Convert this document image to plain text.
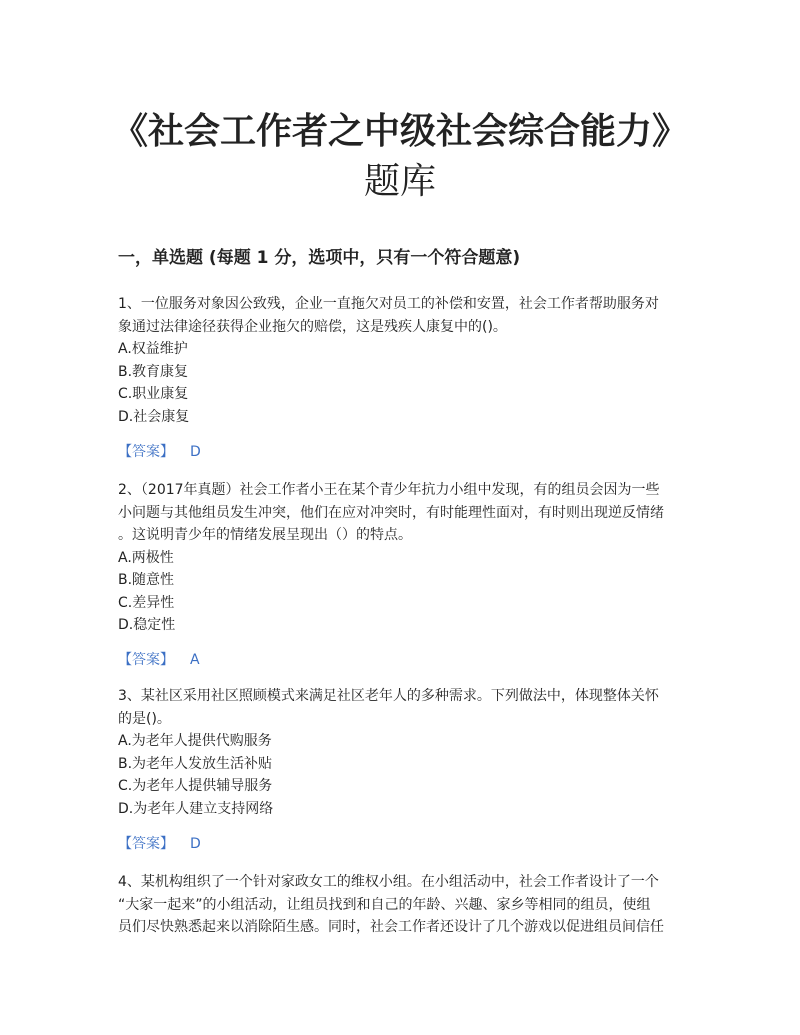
《社会工作者之中级社会综合能力》
题库
一，单选题 (每题 1 分，选项中，只有一个符合题意)

1、一位服务对象因公致残，企业一直拖欠对员工的补偿和安置，社会工作者帮助服务对

象通过法律途径获得企业拖欠的赔偿，这是残疾人康复中的()。

A.权益维护

B.教育康复

C.职业康复

D.社会康复

【答案】 D

2、（2017年真题）社会工作者小王在某个青少年抗力小组中发现，有的组员会因为一些

小问题与其他组员发生冲突，他们在应对冲突时，有时能理性面对，有时则出现逆反情绪

。这说明青少年的情绪发展呈现出（）的特点。

A.两极性

B.随意性

C.差异性

D.稳定性

【答案】 A

3、某社区采用社区照顾模式来满足社区老年人的多种需求。下列做法中，体现整体关怀

的是()。

A.为老年人提供代购服务

B.为老年人发放生活补贴

C.为老年人提供辅导服务

D.为老年人建立支持网络

【答案】 D

4、某机构组织了一个针对家政女工的维权小组。在小组活动中，社会工作者设计了一个

“大家一起来”的小组活动，让组员找到和自己的年龄、兴趣、家乡等相同的组员，使组

员们尽快熟悉起来以消除陌生感。同时，社会工作者还设计了几个游戏以促进组员间信任
